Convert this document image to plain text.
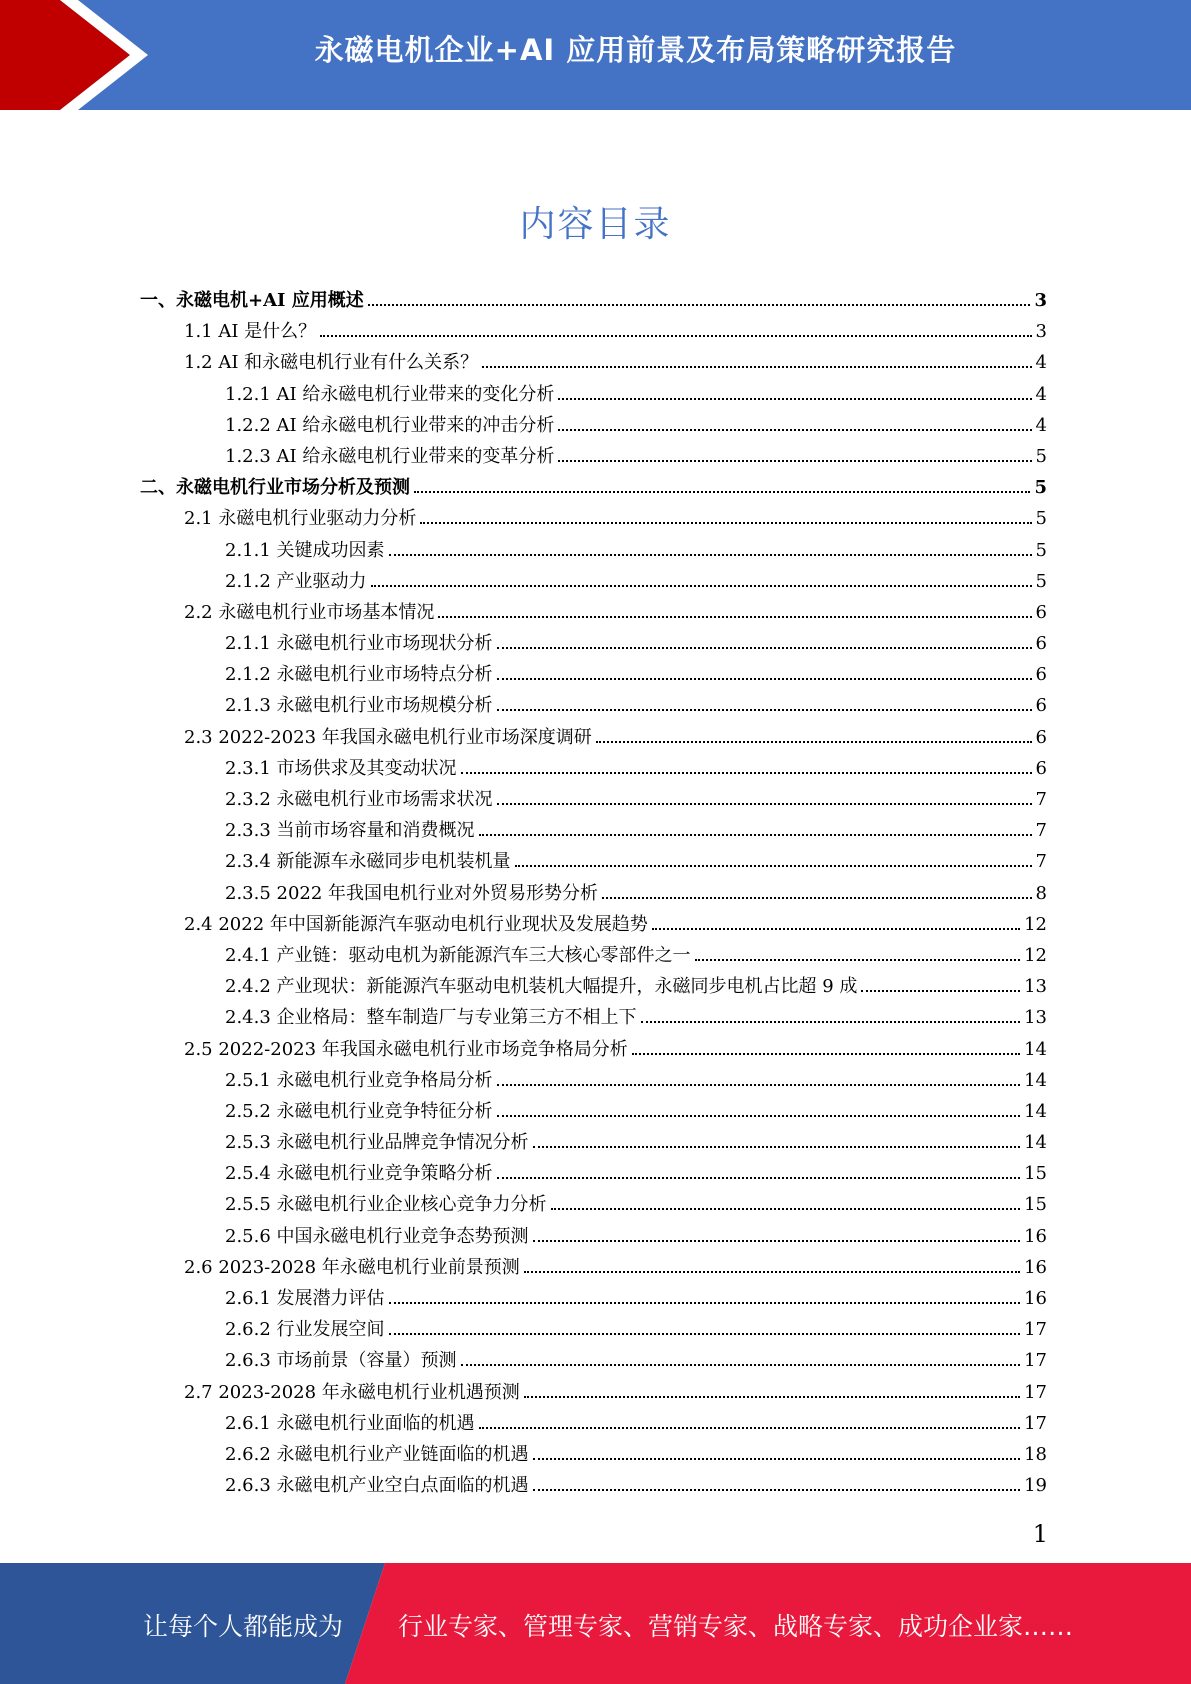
永磁电机企业+AI 应用前景及布局策略研究报告
内容目录
一、永磁电机+AI 应用概述	3
1.1 AI 是什么？	3
1.2 AI 和永磁电机行业有什么关系？	4
1.2.1 AI 给永磁电机行业带来的变化分析	4
1.2.2 AI 给永磁电机行业带来的冲击分析	4
1.2.3 AI 给永磁电机行业带来的变革分析	5
二、永磁电机行业市场分析及预测	5
2.1 永磁电机行业驱动力分析	5
2.1.1 关键成功因素	5
2.1.2 产业驱动力	5
2.2 永磁电机行业市场基本情况	6
2.1.1 永磁电机行业市场现状分析	6
2.1.2 永磁电机行业市场特点分析	6
2.1.3 永磁电机行业市场规模分析	6
2.3 2022-2023 年我国永磁电机行业市场深度调研	6
2.3.1 市场供求及其变动状况	6
2.3.2 永磁电机行业市场需求状况	7
2.3.3 当前市场容量和消费概况	7
2.3.4 新能源车永磁同步电机装机量	7
2.3.5 2022 年我国电机行业对外贸易形势分析	8
2.4 2022 年中国新能源汽车驱动电机行业现状及发展趋势	12
2.4.1 产业链：驱动电机为新能源汽车三大核心零部件之一	12
2.4.2 产业现状：新能源汽车驱动电机装机大幅提升，永磁同步电机占比超 9 成	13
2.4.3 企业格局：整车制造厂与专业第三方不相上下	13
2.5 2022-2023 年我国永磁电机行业市场竞争格局分析	14
2.5.1 永磁电机行业竞争格局分析	14
2.5.2 永磁电机行业竞争特征分析	14
2.5.3 永磁电机行业品牌竞争情况分析	14
2.5.4 永磁电机行业竞争策略分析	15
2.5.5 永磁电机行业企业核心竞争力分析	15
2.5.6 中国永磁电机行业竞争态势预测	16
2.6 2023-2028 年永磁电机行业前景预测	16
2.6.1 发展潜力评估	16
2.6.2 行业发展空间	17
2.6.3 市场前景（容量）预测	17
2.7 2023-2028 年永磁电机行业机遇预测	17
2.6.1 永磁电机行业面临的机遇	17
2.6.2 永磁电机行业产业链面临的机遇	18
2.6.3 永磁电机产业空白点面临的机遇	19
1
让每个人都能成为 行业专家、管理专家、营销专家、战略专家、成功企业家……
